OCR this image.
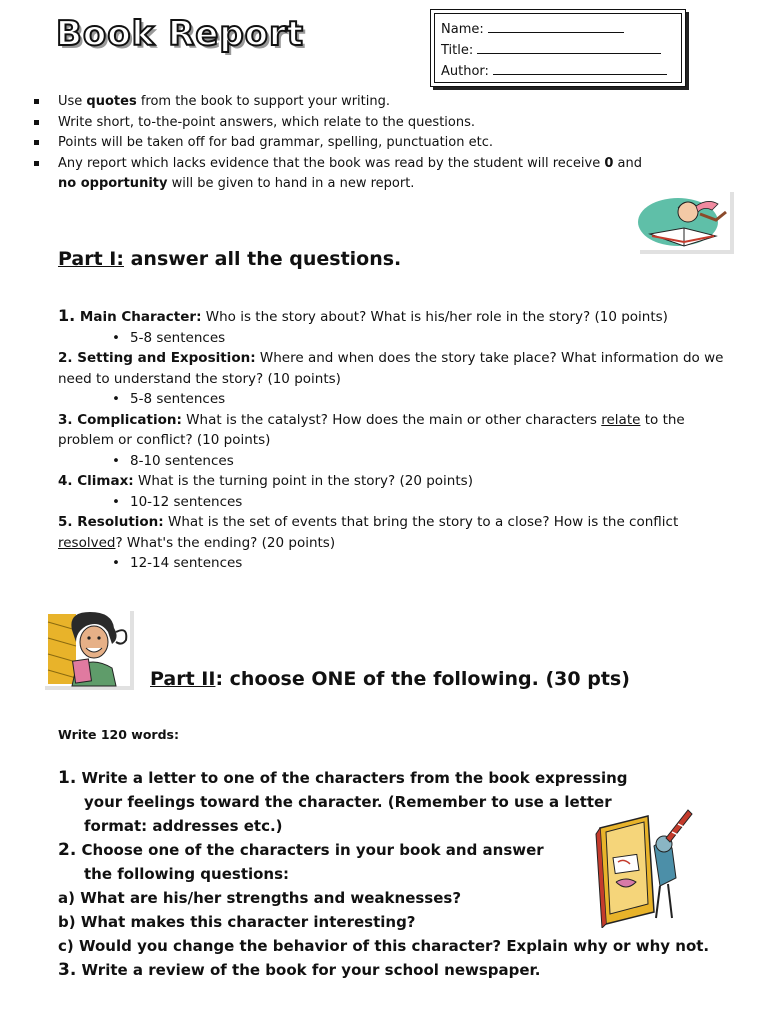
Book Report	Name:
Title:
Author:
Use quotes from the book to support your writing.
Write short, to-the-point answers, which relate to the questions.
Points will be taken off for bad grammar, spelling, punctuation etc.
Any report which lacks evidence that the book was read by the student will receive 0 and
no opportunity will be given to hand in a new report.
Part I: answer all the questions.
1. Main Character: Who is the story about? What is his/her role in the story? (10 points)
• 5-8 sentences
2. Setting and Exposition: Where and when does the story take place? What information do we need to understand the story? (10 points)
• 5-8 sentences
3. Complication: What is the catalyst? How does the main or other characters relate to the problem or conflict? (10 points)
• 8-10 sentences
4. Climax: What is the turning point in the story? (20 points)
• 10-12 sentences
5. Resolution: What is the set of events that bring the story to a close? How is the conflict resolved? What's the ending? (20 points)
• 12-14 sentences
Part II: choose ONE of the following. (30 pts)
Write 120 words:
1. Write a letter to one of the characters from the book expressing
your feelings toward the character. (Remember to use a letter
format: addresses etc.)
2. Choose one of the characters in your book and answer
the following questions:
a) What are his/her strengths and weaknesses?
b) What makes this character interesting?
c) Would you change the behavior of this character? Explain why or why not.
3. Write a review of the book for your school newspaper.
